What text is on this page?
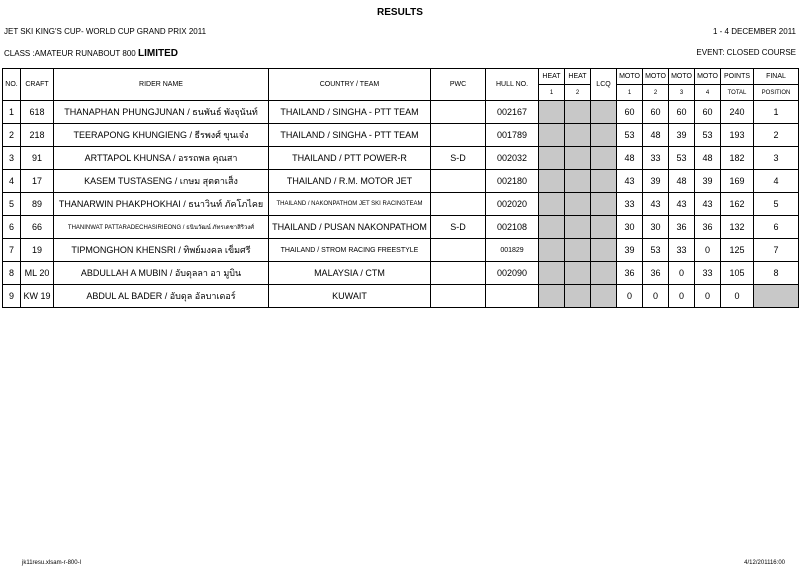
RESULTS
JET SKI KING'S CUP- WORLD CUP GRAND PRIX 2011	1 - 4 DECEMBER 2011
CLASS :AMATEUR RUNABOUT 800 LIMITED	EVENT: CLOSED COURSE
NO.	CRAFT	RIDER NAME	COUNTRY / TEAM	PWC	HULL NO.	HEAT	HEAT	LCQ	MOTO	MOTO	MOTO	MOTO	POINTS	FINAL
						1	2		1	2	3	4	TOTAL	POSITION
1	618	THANAPHAN PHUNGJUNAN / ธนพันธ์ พังจุนันท์	THAILAND / SINGHA - PTT TEAM		002167				60	60	60	60	240	1
2	218	TEERAPONG KHUNGIENG / ธีรพงศ์ ขุนเจ๋ง	THAILAND / SINGHA - PTT TEAM		001789				53	48	39	53	193	2
3	91	ARTTAPOL KHUNSA / อรรถพล คุณสา	THAILAND / PTT POWER-R	S-D	002032				48	33	53	48	182	3
4	17	KASEM TUSTASENG / เกษม สุตตาเส็ง	THAILAND / R.M. MOTOR JET		002180				43	39	48	39	169	4
5	89	THANARWIN PHAKPHOKHAI / ธนาวินท์ ภัคโภไคย	THAILAND / NAKONPATHOM JET SKI RACINGTEAM		002020				33	43	43	43	162	5
6	66	THANINWAT PATTARADECHASIRIEONG / ธนินวัฒน์ ภัทรเดชาสิริวงศ์	THAILAND / PUSAN NAKONPATHOM	S-D	002108				30	30	36	36	132	6
7	19	TIPMONGHON KHENSRI / ทิพย์มงคล เข็มศรี	THAILAND / STROM RACING FREESTYLE		001829				39	53	33	0	125	7
8	ML 20	ABDULLAH A MUBIN / อับดุลลา อา มูบิน	MALAYSIA / CTM		002090				36	36	0	33	105	8
9	KW 19	ABDUL AL BADER / อับดุล อัลบาเดอร์	KUWAIT						0	0	0	0	0	
jk11resu.xlsam-r-800-l	4/12/201116:00
